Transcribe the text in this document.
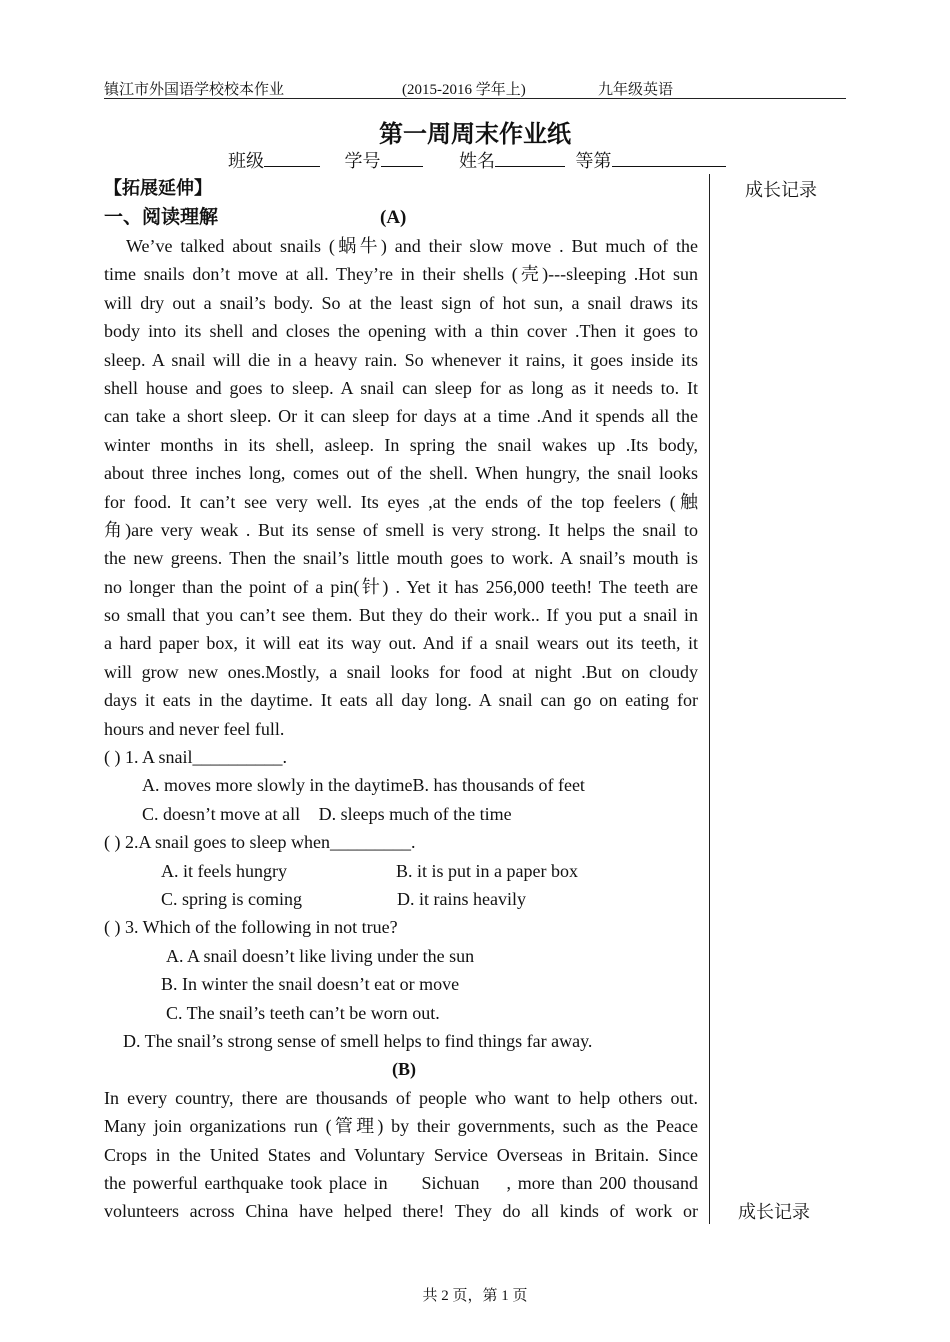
镇江市外国语学校校本作业	(2015-2016 学年上)	九年级英语
第一周周末作业纸
班级	学号	姓名	等第
成长记录
成长记录
【拓展延伸】
一、阅读理解	(A)
We’ve talked about snails (蜗牛) and their slow move . But much of the
time snails don’t move at all. They’re in their shells (壳)---sleeping .Hot sun
will dry out a snail’s body. So at the least sign of hot sun, a snail draws its
body into its shell and closes the opening with a thin cover .Then it goes to
sleep. A snail will die in a heavy rain. So whenever it rains, it goes inside its
shell house and goes to sleep. A snail can sleep for as long as it needs to. It
can take a short sleep. Or it can sleep for days at a time .And it spends all the
winter months in its shell, asleep. In spring the snail wakes up .Its body,
about three inches long, comes out of the shell. When hungry, the snail looks
for food. It can’t see very well. Its eyes ,at the ends of the top feelers (触
角)are very weak . But its sense of smell is very strong. It helps the snail to
the new greens. Then the snail’s little mouth goes to work. A snail’s mouth is
no longer than the point of a pin(针) . Yet it has 256,000 teeth! The teeth are
so small that you can’t see them. But they do their work.. If you put a snail in
a hard paper box, it will eat its way out. And if a snail wears out its teeth, it
will grow new ones.Mostly, a snail looks for food at night .But on cloudy
days it eats in the daytime. It eats all day long. A snail can go on eating for
hours and never feel full.
( ) 1. A snail__________.
A. moves more slowly in the daytimeB. has thousands of feet
C. doesn’t move at all D. sleeps much of the time
( ) 2.A snail goes to sleep when_________.
A. it feels hungry	B. it is put in a paper box
C. spring is coming	D. it rains heavily
( ) 3. Which of the following in not true?
A. A snail doesn’t like living under the sun
B. In winter the snail doesn’t eat or move
C. The snail’s teeth can’t be worn out.
D. The snail’s strong sense of smell helps to find things far away.
(B)
In every country, there are thousands of people who want to help others out.
Many join organizations run (管理) by their governments, such as the Peace
Crops in the United States and Voluntary Service Overseas in Britain. Since
the powerful earthquake took place in     Sichuan    , more than 200 thousand
volunteers across China have helped there! They do all kinds of work or
共 2 页，第 1 页
